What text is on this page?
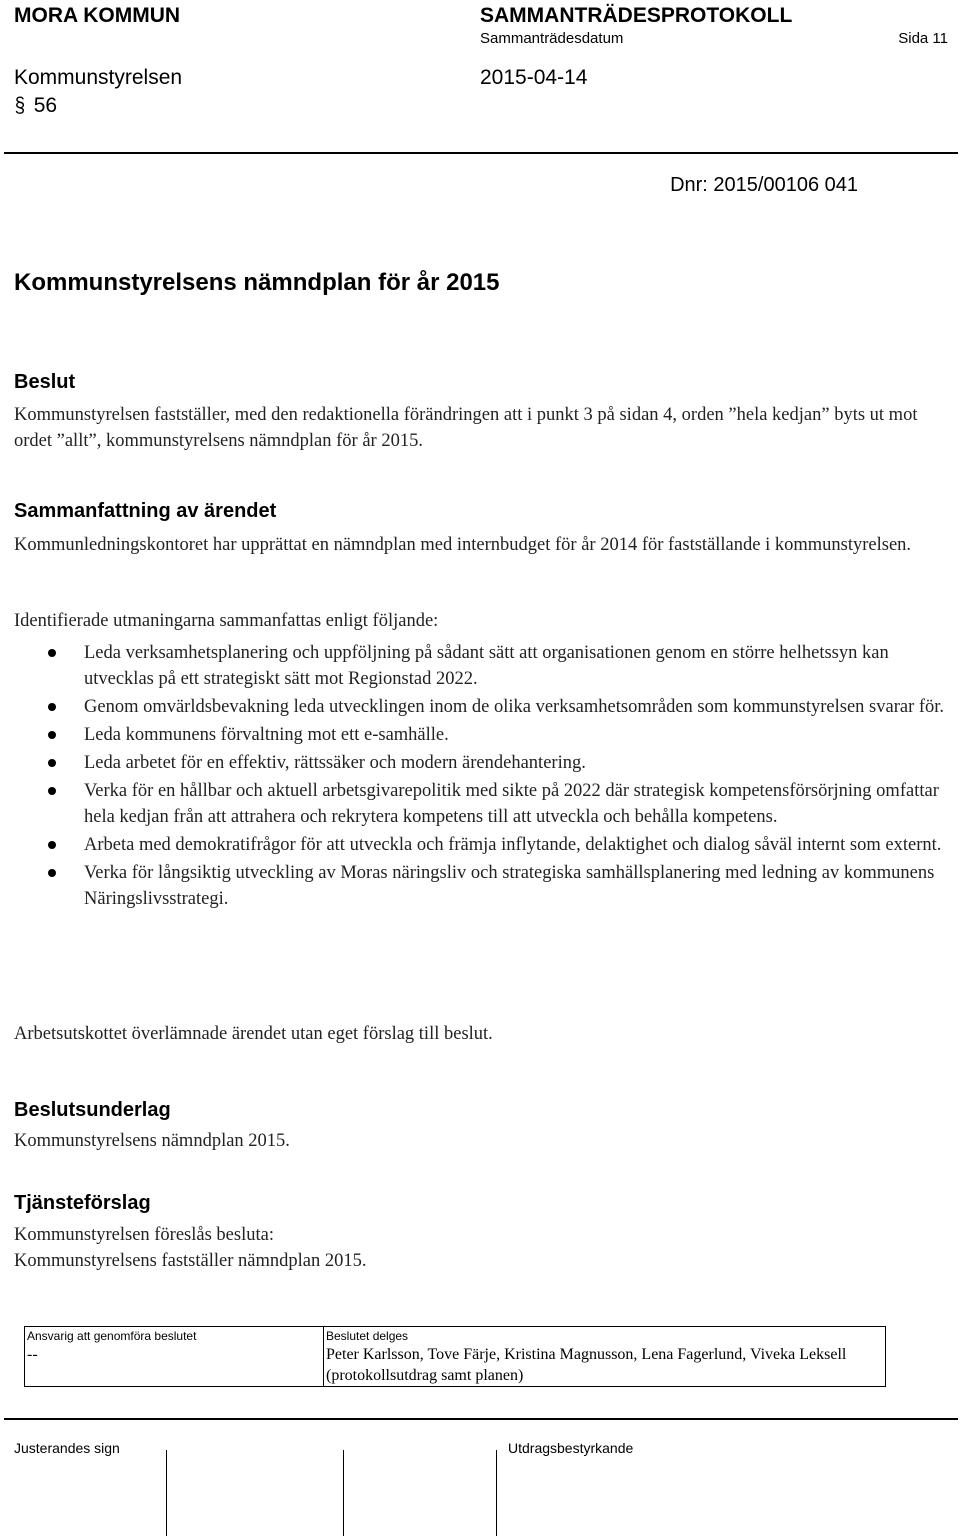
MORA KOMMUN	SAMMANTRÄDESPROTOKOLL
Sammanträdesdatum	Sida 11
Kommunstyrelsen	2015-04-14
§ 56
Dnr: 2015/00106 041
Kommunstyrelsens nämndplan för år 2015
Beslut
Kommunstyrelsen fastställer, med den redaktionella förändringen att i punkt 3 på sidan 4, orden ”hela kedjan” byts ut mot ordet ”allt”, kommunstyrelsens nämndplan för år 2015.
Sammanfattning av ärendet
Kommunledningskontoret har upprättat en nämndplan med internbudget för år 2014 för fastställande i kommunstyrelsen.
Identifierade utmaningarna sammanfattas enligt följande:
Leda verksamhetsplanering och uppföljning på sådant sätt att organisationen genom en större helhetssyn kan utvecklas på ett strategiskt sätt mot Regionstad 2022.
Genom omvärldsbevakning leda utvecklingen inom de olika verksamhetsområden som kommunstyrelsen svarar för.
Leda kommunens förvaltning mot ett e-samhälle.
Leda arbetet för en effektiv, rättssäker och modern ärendehantering.
Verka för en hållbar och aktuell arbetsgivarepolitik med sikte på 2022 där strategisk kompetensförsörjning omfattar hela kedjan från att attrahera och rekrytera kompetens till att utveckla och behålla kompetens.
Arbeta med demokratifrågor för att utveckla och främja inflytande, delaktighet och dialog såväl internt som externt.
Verka för långsiktig utveckling av Moras näringsliv och strategiska samhällsplanering med ledning av kommunens Näringslivsstrategi.
Arbetsutskottet överlämnade ärendet utan eget förslag till beslut.
Beslutsunderlag
Kommunstyrelsens nämndplan 2015.
Tjänsteförslag
Kommunstyrelsen föreslås besluta:
Kommunstyrelsens fastställer nämndplan 2015.
Ansvarig att genomföra beslutet
--

Beslutet delges
Peter Karlsson, Tove Färje, Kristina Magnusson, Lena Fagerlund, Viveka Leksell (protokollsutdrag samt planen)
Justerandes sign	Utdragsbestyrkande
